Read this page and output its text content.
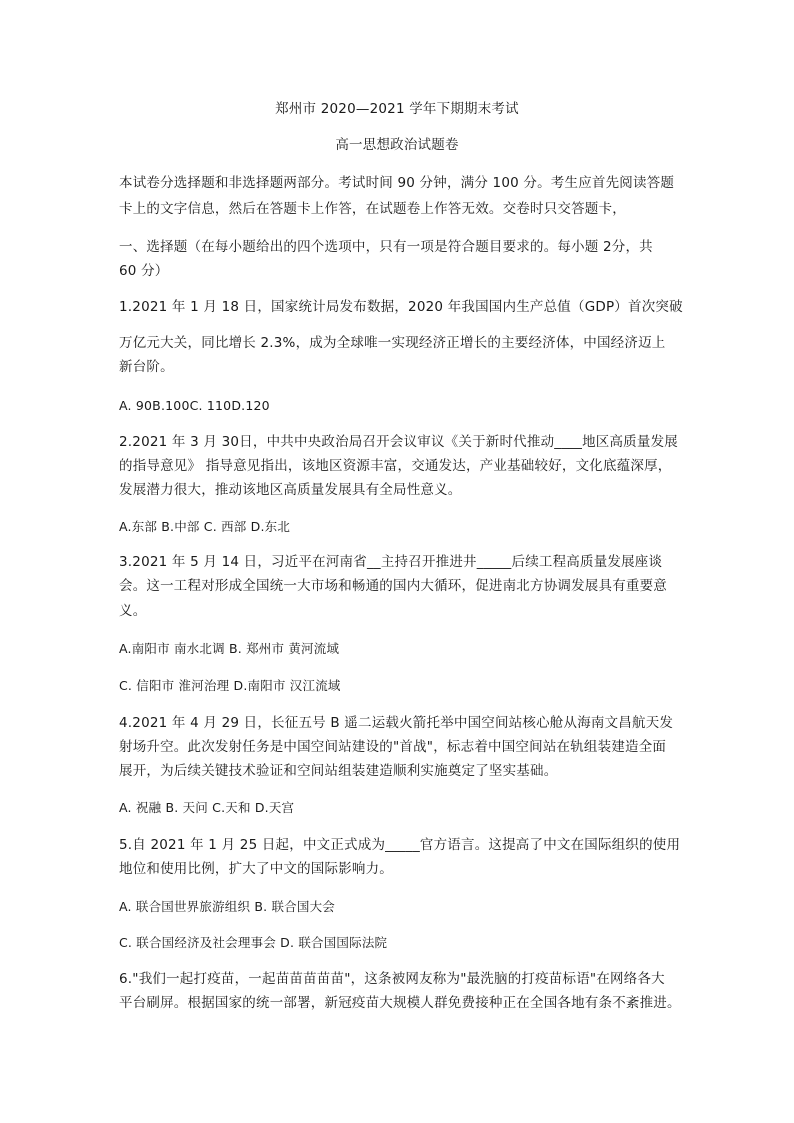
郑州市 2020—2021 学年下期期末考试

高一思想政治试题卷

本试卷分选择题和非选择题两部分。考试时间 90 分钟，满分 100 分。考生应首先阅读答题

卡上的文字信息，然后在答题卡上作答，在试题卷上作答无效。交卷时只交答题卡，

一、选择题（在每小题给出的四个选项中，只有一项是符合题目要求的。每小题 2分，共

60 分）

1.2021 年 1 月 18 日，国家统计局发布数据，2020 年我国国内生产总值（GDP）首次突破

万亿元大关，同比增长 2.3%，成为全球唯一实现经济正增长的主要经济体，中国经济迈上

新台阶。

A. 90B.100C. 110D.120

2.2021 年 3 月 30日，中共中央政治局召开会议审议《关于新时代推动____地区高质量发展

的指导意见》 指导意见指出，该地区资源丰富，交通发达，产业基础较好，文化底蕴深厚，

发展潜力很大，推动该地区高质量发展具有全局性意义。

A.东部 B.中部 C. 西部 D.东北

3.2021 年 5 月 14 日，习近平在河南省__主持召开推进井_____后续工程高质量发展座谈

会。这一工程对形成全国统一大市场和畅通的国内大循环，促进南北方协调发展具有重要意

义。

A.南阳市 南水北调 B. 郑州市 黄河流域

C. 信阳市 淮河治理 D.南阳市 汉江流域

4.2021 年 4 月 29 日，长征五号 B 遥二运载火箭托举中国空间站核心舱从海南文昌航天发

射场升空。此次发射任务是中国空间站建设的"首战"，标志着中国空间站在轨组装建造全面

展开，为后续关键技术验证和空间站组装建造顺利实施奠定了坚实基础。

A. 祝融 B. 天问 C.天和 D.天宫

5.自 2021 年 1 月 25 日起，中文正式成为_____官方语言。这提高了中文在国际组织的使用

地位和使用比例，扩大了中文的国际影响力。

A. 联合国世界旅游组织 B. 联合国大会

C. 联合国经济及社会理事会 D. 联合国国际法院

6."我们一起打疫苗，一起苗苗苗苗苗"，这条被网友称为"最洗脑的打疫苗标语"在网络各大

平台刷屏。根据国家的统一部署，新冠疫苗大规模人群免费接种正在全国各地有条不紊推进。
